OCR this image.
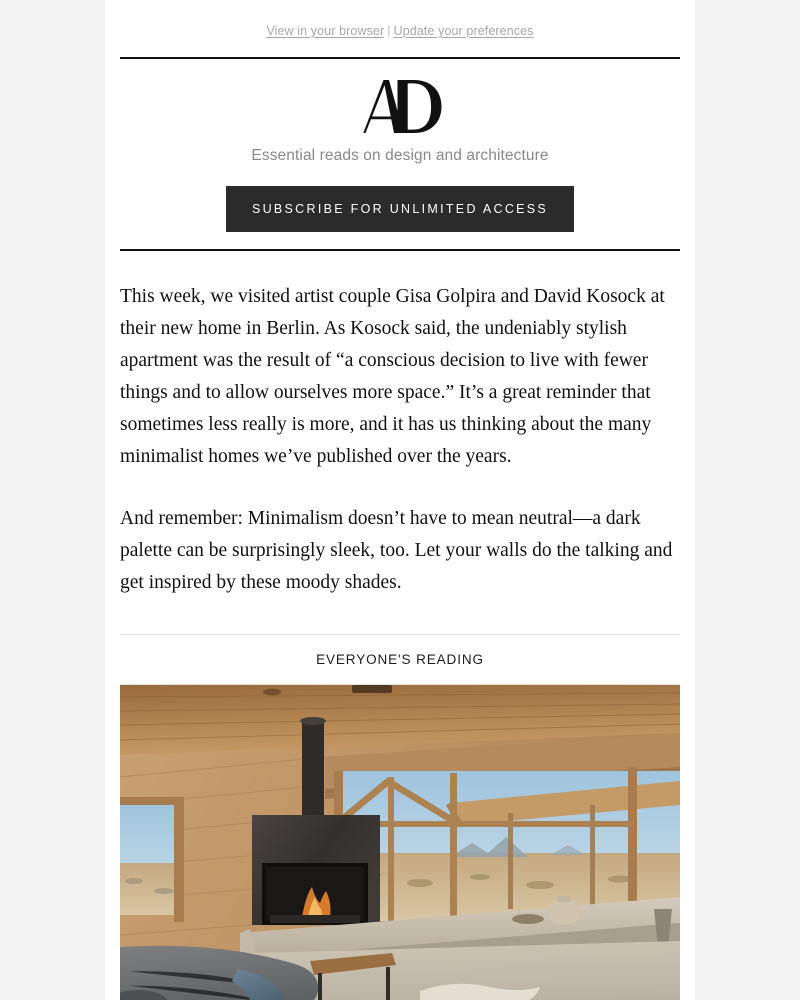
View in your browser | Update your preferences
Essential reads on design and architecture
SUBSCRIBE FOR UNLIMITED ACCESS

This week, we visited artist couple Gisa Golpira and David Kosock at their new home in Berlin. As Kosock said, the undeniably stylish apartment was the result of “a conscious decision to live with fewer things and to allow ourselves more space.” It’s a great reminder that sometimes less really is more, and it has us thinking about the many minimalist homes we’ve published over the years.

And remember: Minimalism doesn’t have to mean neutral—a dark palette can be surprisingly sleek, too. Let your walls do the talking and get inspired by these moody shades.

EVERYONE'S READING
